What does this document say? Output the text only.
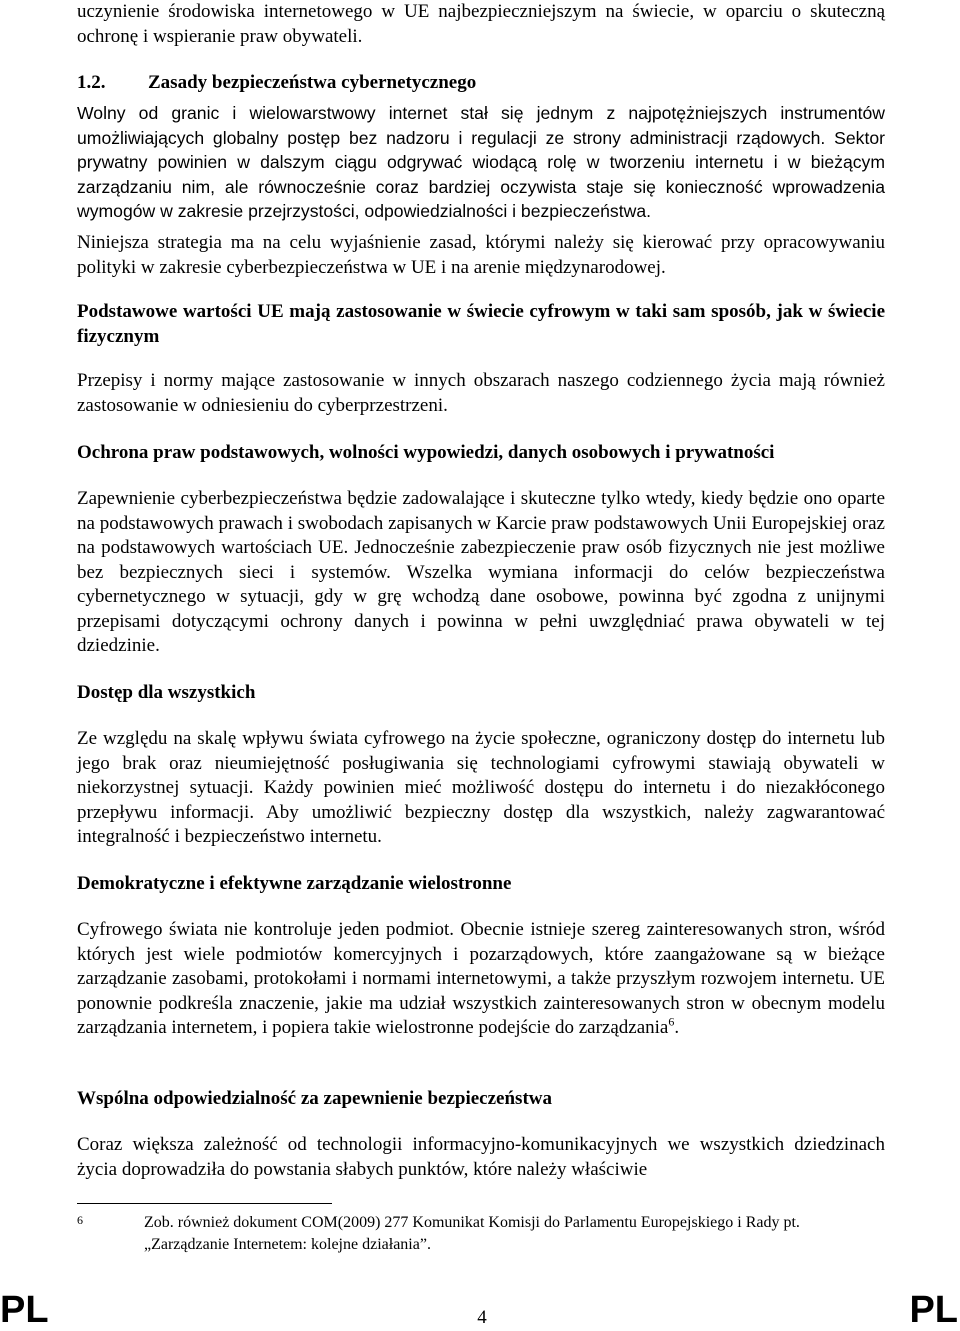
uczynienie środowiska internetowego w UE najbezpieczniejszym na świecie, w oparciu o skuteczną ochronę i wspieranie praw obywateli.

1.2.	Zasady bezpieczeństwa cybernetycznego

Wolny od granic i wielowarstwowy internet stał się jednym z najpotężniejszych instrumentów umożliwiających globalny postęp bez nadzoru i regulacji ze strony administracji rządowych. Sektor prywatny powinien w dalszym ciągu odgrywać wiodącą rolę w tworzeniu internetu i w bieżącym zarządzaniu nim, ale równocześnie coraz bardziej oczywista staje się konieczność wprowadzenia wymogów w zakresie przejrzystości, odpowiedzialności i bezpieczeństwa.

Niniejsza strategia ma na celu wyjaśnienie zasad, którymi należy się kierować przy opracowywaniu polityki w zakresie cyberbezpieczeństwa w UE i na arenie międzynarodowej.

Podstawowe wartości UE mają zastosowanie w świecie cyfrowym w taki sam sposób, jak w świecie fizycznym

Przepisy i normy mające zastosowanie w innych obszarach naszego codziennego życia mają również zastosowanie w odniesieniu do cyberprzestrzeni.

Ochrona praw podstawowych, wolności wypowiedzi, danych osobowych i prywatności

Zapewnienie cyberbezpieczeństwa będzie zadowalające i skuteczne tylko wtedy, kiedy będzie ono oparte na podstawowych prawach i swobodach zapisanych w Karcie praw podstawowych Unii Europejskiej oraz na podstawowych wartościach UE. Jednocześnie zabezpieczenie praw osób fizycznych nie jest możliwe bez bezpiecznych sieci i systemów. Wszelka wymiana informacji do celów bezpieczeństwa cybernetycznego w sytuacji, gdy w grę wchodzą dane osobowe, powinna być zgodna z unijnymi przepisami dotyczącymi ochrony danych i powinna w pełni uwzględniać prawa obywateli w tej dziedzinie.

Dostęp dla wszystkich

Ze względu na skalę wpływu świata cyfrowego na życie społeczne, ograniczony dostęp do internetu lub jego brak oraz nieumiejętność posługiwania się technologiami cyfrowymi stawiają obywateli w niekorzystnej sytuacji. Każdy powinien mieć możliwość dostępu do internetu i do niezakłóconego przepływu informacji. Aby umożliwić bezpieczny dostęp dla wszystkich, należy zagwarantować integralność i bezpieczeństwo internetu.

Demokratyczne i efektywne zarządzanie wielostronne

Cyfrowego świata nie kontroluje jeden podmiot. Obecnie istnieje szereg zainteresowanych stron, wśród których jest wiele podmiotów komercyjnych i pozarządowych, które zaangażowane są w bieżące zarządzanie zasobami, protokołami i normami internetowymi, a także przyszłym rozwojem internetu. UE ponownie podkreśla znaczenie, jakie ma udział wszystkich zainteresowanych stron w obecnym modelu zarządzania internetem, i popiera takie wielostronne podejście do zarządzania$^6$.

Wspólna odpowiedzialność za zapewnienie bezpieczeństwa

Coraz większa zależność od technologii informacyjno-komunikacyjnych we wszystkich dziedzinach życia doprowadziła do powstania słabych punktów, które należy właściwie

6	Zob. również dokument COM(2009) 277 Komunikat Komisji do Parlamentu Europejskiego i Rady pt. „Zarządzanie Internetem: kolejne działania”.
PL	4	PL
